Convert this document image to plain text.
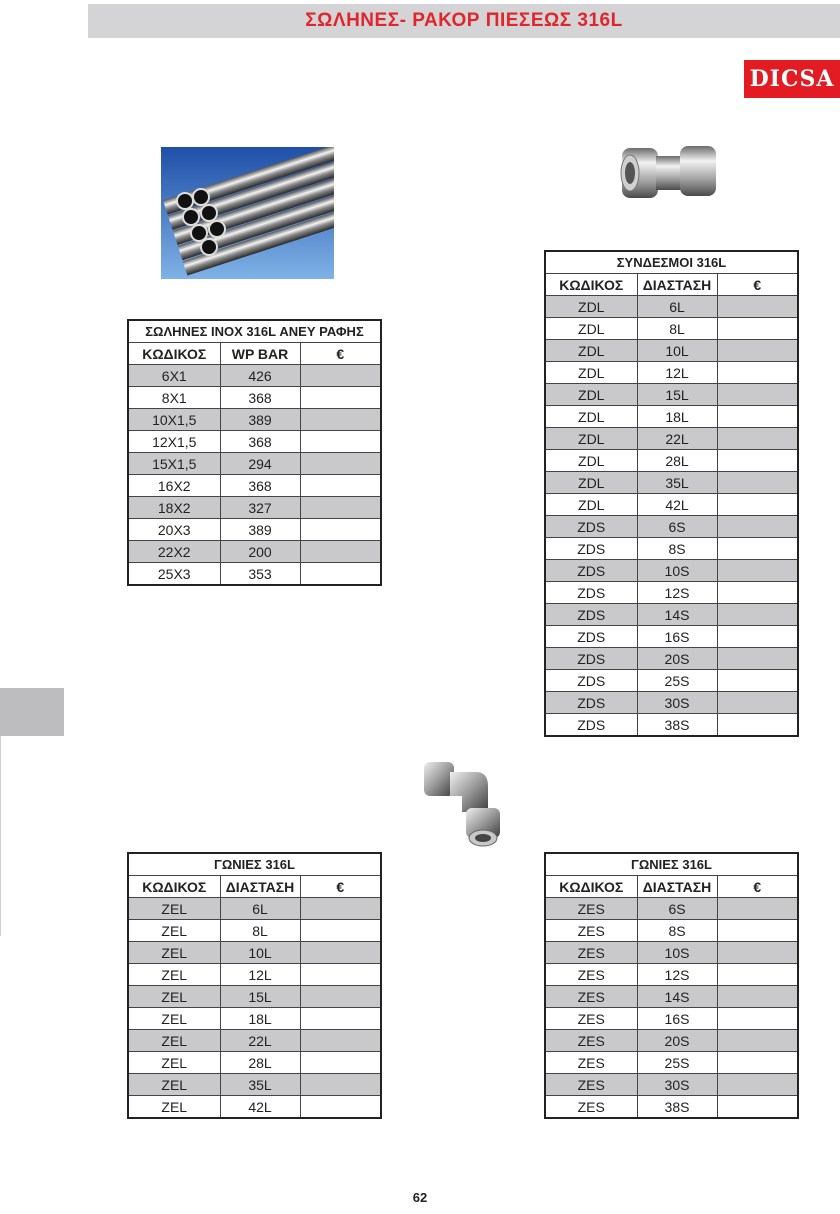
ΣΩΛΗΝΕΣ- ΡΑΚΟΡ ΠΙΕΣΕΩΣ 316L
DICSA
ΣΩΛΗΝΕΣ INOX 316L ΑΝΕΥ ΡΑΦΗΣ		
ΚΩΔΙΚΟΣ	WP BAR	€
6X1	426	
8X1	368	
10X1,5	389	
12X1,5	368	
15X1,5	294	
16X2	368	
18X2	327	
20X3	389	
22X2	200	
25X3	353	
ΣΥΝΔΕΣΜΟΙ 316L		
ΚΩΔΙΚΟΣ	ΔΙΑΣΤΑΣΗ	€
ZDL	6L	
ZDL	8L	
ZDL	10L	
ZDL	12L	
ZDL	15L	
ZDL	18L	
ZDL	22L	
ZDL	28L	
ZDL	35L	
ZDL	42L	
ZDS	6S	
ZDS	8S	
ZDS	10S	
ZDS	12S	
ZDS	14S	
ZDS	16S	
ZDS	20S	
ZDS	25S	
ZDS	30S	
ZDS	38S	
ΓΩΝΙΕΣ 316L		
ΚΩΔΙΚΟΣ	ΔΙΑΣΤΑΣΗ	€
ZEL	6L	
ZEL	8L	
ZEL	10L	
ZEL	12L	
ZEL	15L	
ZEL	18L	
ZEL	22L	
ZEL	28L	
ZEL	35L	
ZEL	42L	
ΓΩΝΙΕΣ 316L		
ΚΩΔΙΚΟΣ	ΔΙΑΣΤΑΣΗ	€
ZES	6S	
ZES	8S	
ZES	10S	
ZES	12S	
ZES	14S	
ZES	16S	
ZES	20S	
ZES	25S	
ZES	30S	
ZES	38S	
62
